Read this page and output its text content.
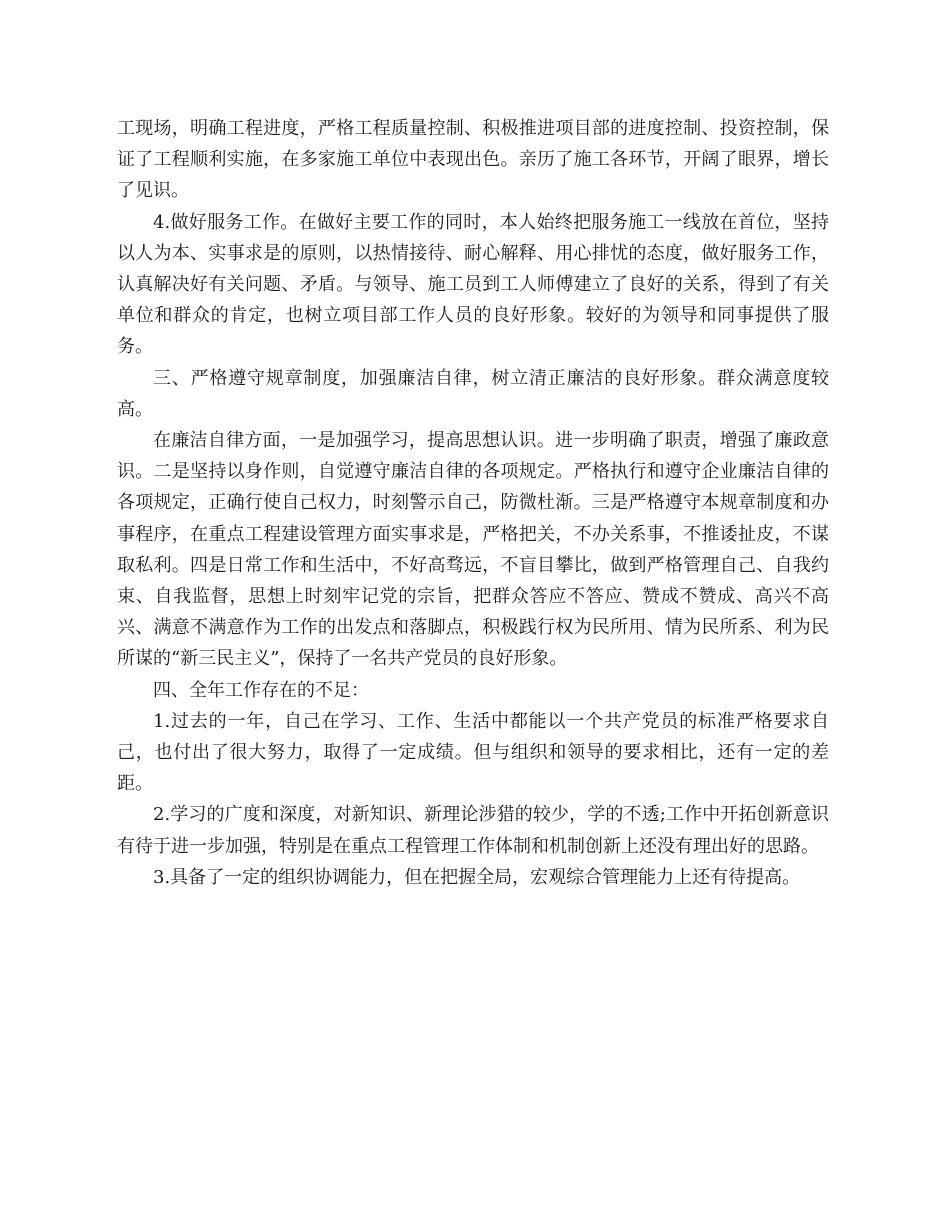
工现场，明确工程进度，严格工程质量控制、积极推进项目部的进度控制、投资控制，保证了工程顺利实施，在多家施工单位中表现出色。亲历了施工各环节，开阔了眼界，增长了见识。

4.做好服务工作。在做好主要工作的同时，本人始终把服务施工一线放在首位，坚持以人为本、实事求是的原则，以热情接待、耐心解释、用心排忧的态度，做好服务工作，认真解决好有关问题、矛盾。与领导、施工员到工人师傅建立了良好的关系，得到了有关单位和群众的肯定，也树立项目部工作人员的良好形象。较好的为领导和同事提供了服务。

三、严格遵守规章制度，加强廉洁自律，树立清正廉洁的良好形象。群众满意度较高。

在廉洁自律方面，一是加强学习，提高思想认识。进一步明确了职责，增强了廉政意识。二是坚持以身作则，自觉遵守廉洁自律的各项规定。严格执行和遵守企业廉洁自律的各项规定，正确行使自己权力，时刻警示自己，防微杜渐。三是严格遵守本规章制度和办事程序，在重点工程建设管理方面实事求是，严格把关，不办关系事，不推诿扯皮，不谋取私利。四是日常工作和生活中，不好高骛远，不盲目攀比，做到严格管理自己、自我约束、自我监督，思想上时刻牢记党的宗旨，把群众答应不答应、赞成不赞成、高兴不高兴、满意不满意作为工作的出发点和落脚点，积极践行权为民所用、情为民所系、利为民所谋的“新三民主义”，保持了一名共产党员的良好形象。

四、全年工作存在的不足：

1.过去的一年，自己在学习、工作、生活中都能以一个共产党员的标准严格要求自己，也付出了很大努力，取得了一定成绩。但与组织和领导的要求相比，还有一定的差距。

2.学习的广度和深度，对新知识、新理论涉猎的较少，学的不透;工作中开拓创新意识有待于进一步加强，特别是在重点工程管理工作体制和机制创新上还没有理出好的思路。

3.具备了一定的组织协调能力，但在把握全局，宏观综合管理能力上还有待提高。
